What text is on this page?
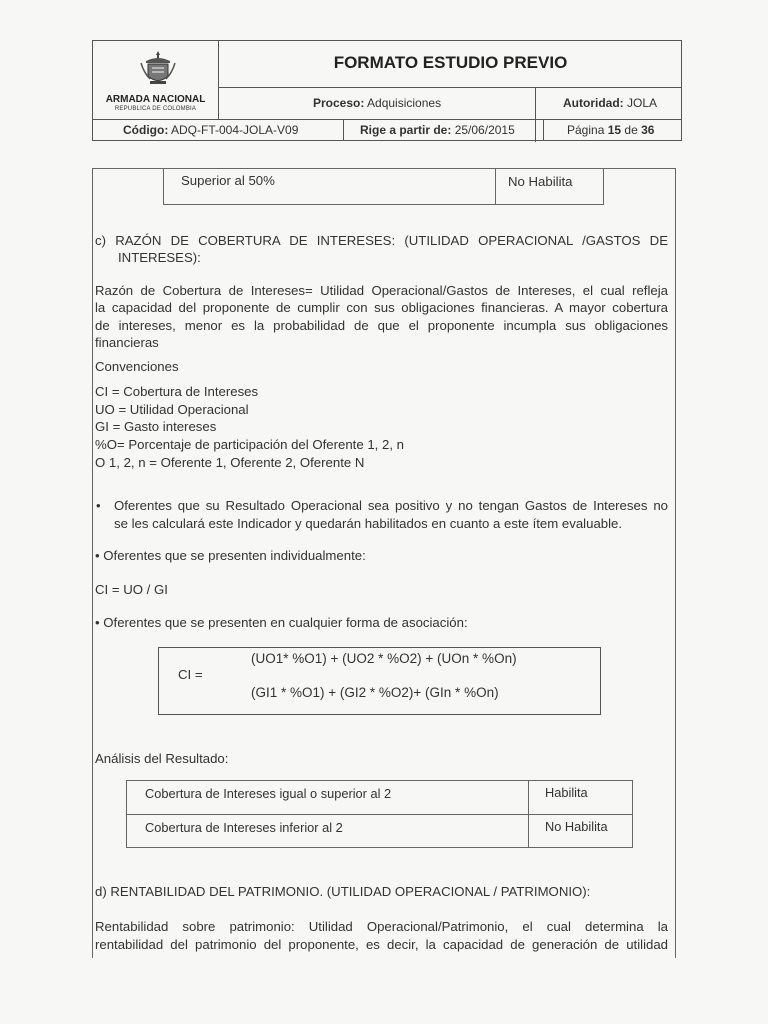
ARMADA NACIONAL
REPUBLICA DE COLOMBIA
FORMATO ESTUDIO PREVIO
Proceso: Adquisiciones	Autoridad: JOLA
Código: ADQ-FT-004-JOLA-V09	Rige a partir de: 25/06/2015	Página 15 de 36
Superior al 50%	No Habilita
c) RAZÓN DE COBERTURA DE INTERESES: (UTILIDAD OPERACIONAL /GASTOS DE
INTERESES):
Razón de Cobertura de Intereses= Utilidad Operacional/Gastos de Intereses, el cual refleja
la capacidad del proponente de cumplir con sus obligaciones financieras. A mayor cobertura
de intereses, menor es la probabilidad de que el proponente incumpla sus obligaciones
financieras
Convenciones
CI = Cobertura de Intereses
UO = Utilidad Operacional
GI = Gasto intereses
%O= Porcentaje de participación del Oferente 1, 2, n
O 1, 2, n = Oferente 1, Oferente 2, Oferente N
• Oferentes que su Resultado Operacional sea positivo y no tengan Gastos de Intereses no
se les calculará este Indicador y quedarán habilitados en cuanto a este ítem evaluable.
• Oferentes que se presenten individualmente:
CI = UO / GI
• Oferentes que se presenten en cualquier forma de asociación:
CI =
(UO1* %O1) + (UO2 * %O2) + (UOn * %On)
(GI1 * %O1) + (GI2 * %O2)+ (GIn * %On)
Análisis del Resultado:
Cobertura de Intereses igual o superior al 2	Habilita
Cobertura de Intereses inferior al 2	No Habilita
d) RENTABILIDAD DEL PATRIMONIO. (UTILIDAD OPERACIONAL / PATRIMONIO):
Rentabilidad sobre patrimonio: Utilidad Operacional/Patrimonio, el cual determina la
rentabilidad del patrimonio del proponente, es decir, la capacidad de generación de utilidad
